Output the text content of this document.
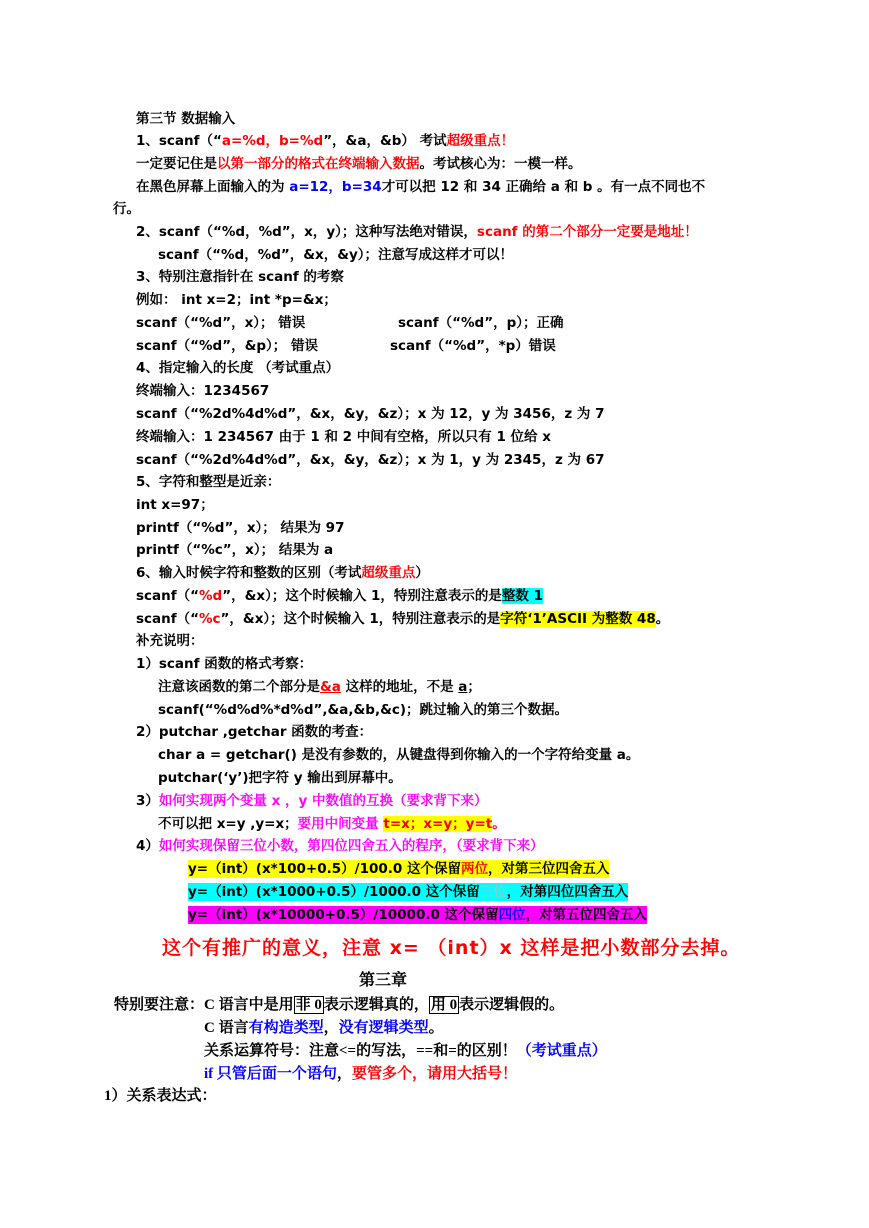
第三节 数据输入
1、scanf（“a=%d，b=%d”，&a，&b） 考试超级重点！
一定要记住是以第一部分的格式在终端输入数据。考试核心为：一模一样。
在黑色屏幕上面输入的为 a=12，b=34才可以把 12 和 34 正确给 a 和 b 。有一点不同也不
行。
2、scanf（“%d，%d”，x，y）；这种写法绝对错误，scanf 的第二个部分一定要是地址！
scanf（“%d，%d”，&x，&y）；注意写成这样才可以！
3、特别注意指针在 scanf 的考察
例如： int x=2；int *p=&x；
scanf（“%d”，x）； 错误	scanf（“%d”，p）；正确
scanf（“%d”，&p）； 错误	scanf（“%d”，*p）错误
4、指定输入的长度 （考试重点）
终端输入：1234567
scanf（“%2d%4d%d”，&x，&y，&z）；x 为 12，y 为 3456，z 为 7
终端输入：1 234567 由于 1 和 2 中间有空格，所以只有 1 位给 x
scanf（“%2d%4d%d”，&x，&y，&z）；x 为 1，y 为 2345，z 为 67
5、字符和整型是近亲：
int x=97；
printf（“%d”，x）； 结果为 97
printf（“%c”，x）； 结果为 a
6、输入时候字符和整数的区别（考试超级重点）
scanf（“%d”，&x）；这个时候输入 1，特别注意表示的是整数 1
scanf（“%c”，&x）；这个时候输入 1，特别注意表示的是字符‘1’ASCII 为整数 48。
补充说明：
1）scanf 函数的格式考察：
注意该函数的第二个部分是&a 这样的地址，不是 a；
scanf(“%d%d%*d%d”,&a,&b,&c)；跳过输入的第三个数据。
2）putchar ,getchar 函数的考查：
char a = getchar() 是没有参数的，从键盘得到你输入的一个字符给变量 a。
putchar(‘y’)把字符 y 输出到屏幕中。
3）如何实现两个变量 x ，y 中数值的互换（要求背下来）
不可以把 x=y ,y=x；要用中间变量 t=x；x=y；y=t。
4）如何实现保留三位小数，第四位四舍五入的程序，（要求背下来）
y=（int）(x*100+0.5）/100.0 这个保留两位，对第三位四舍五入
y=（int）(x*1000+0.5）/1000.0 这个保留三位，对第四位四舍五入
y=（int）(x*10000+0.5）/10000.0 这个保留四位，对第五位四舍五入
这个有推广的意义，注意 x= （int）x 这样是把小数部分去掉。
第三章
特别要注意：C 语言中是用 非 0 表示逻辑真的， 用 0 表示逻辑假的。
C 语言有构造类型，没有逻辑类型。
关系运算符号：注意<=的写法，==和=的区别！（考试重点）
if 只管后面一个语句，要管多个，请用大括号！
1）关系表达式：
